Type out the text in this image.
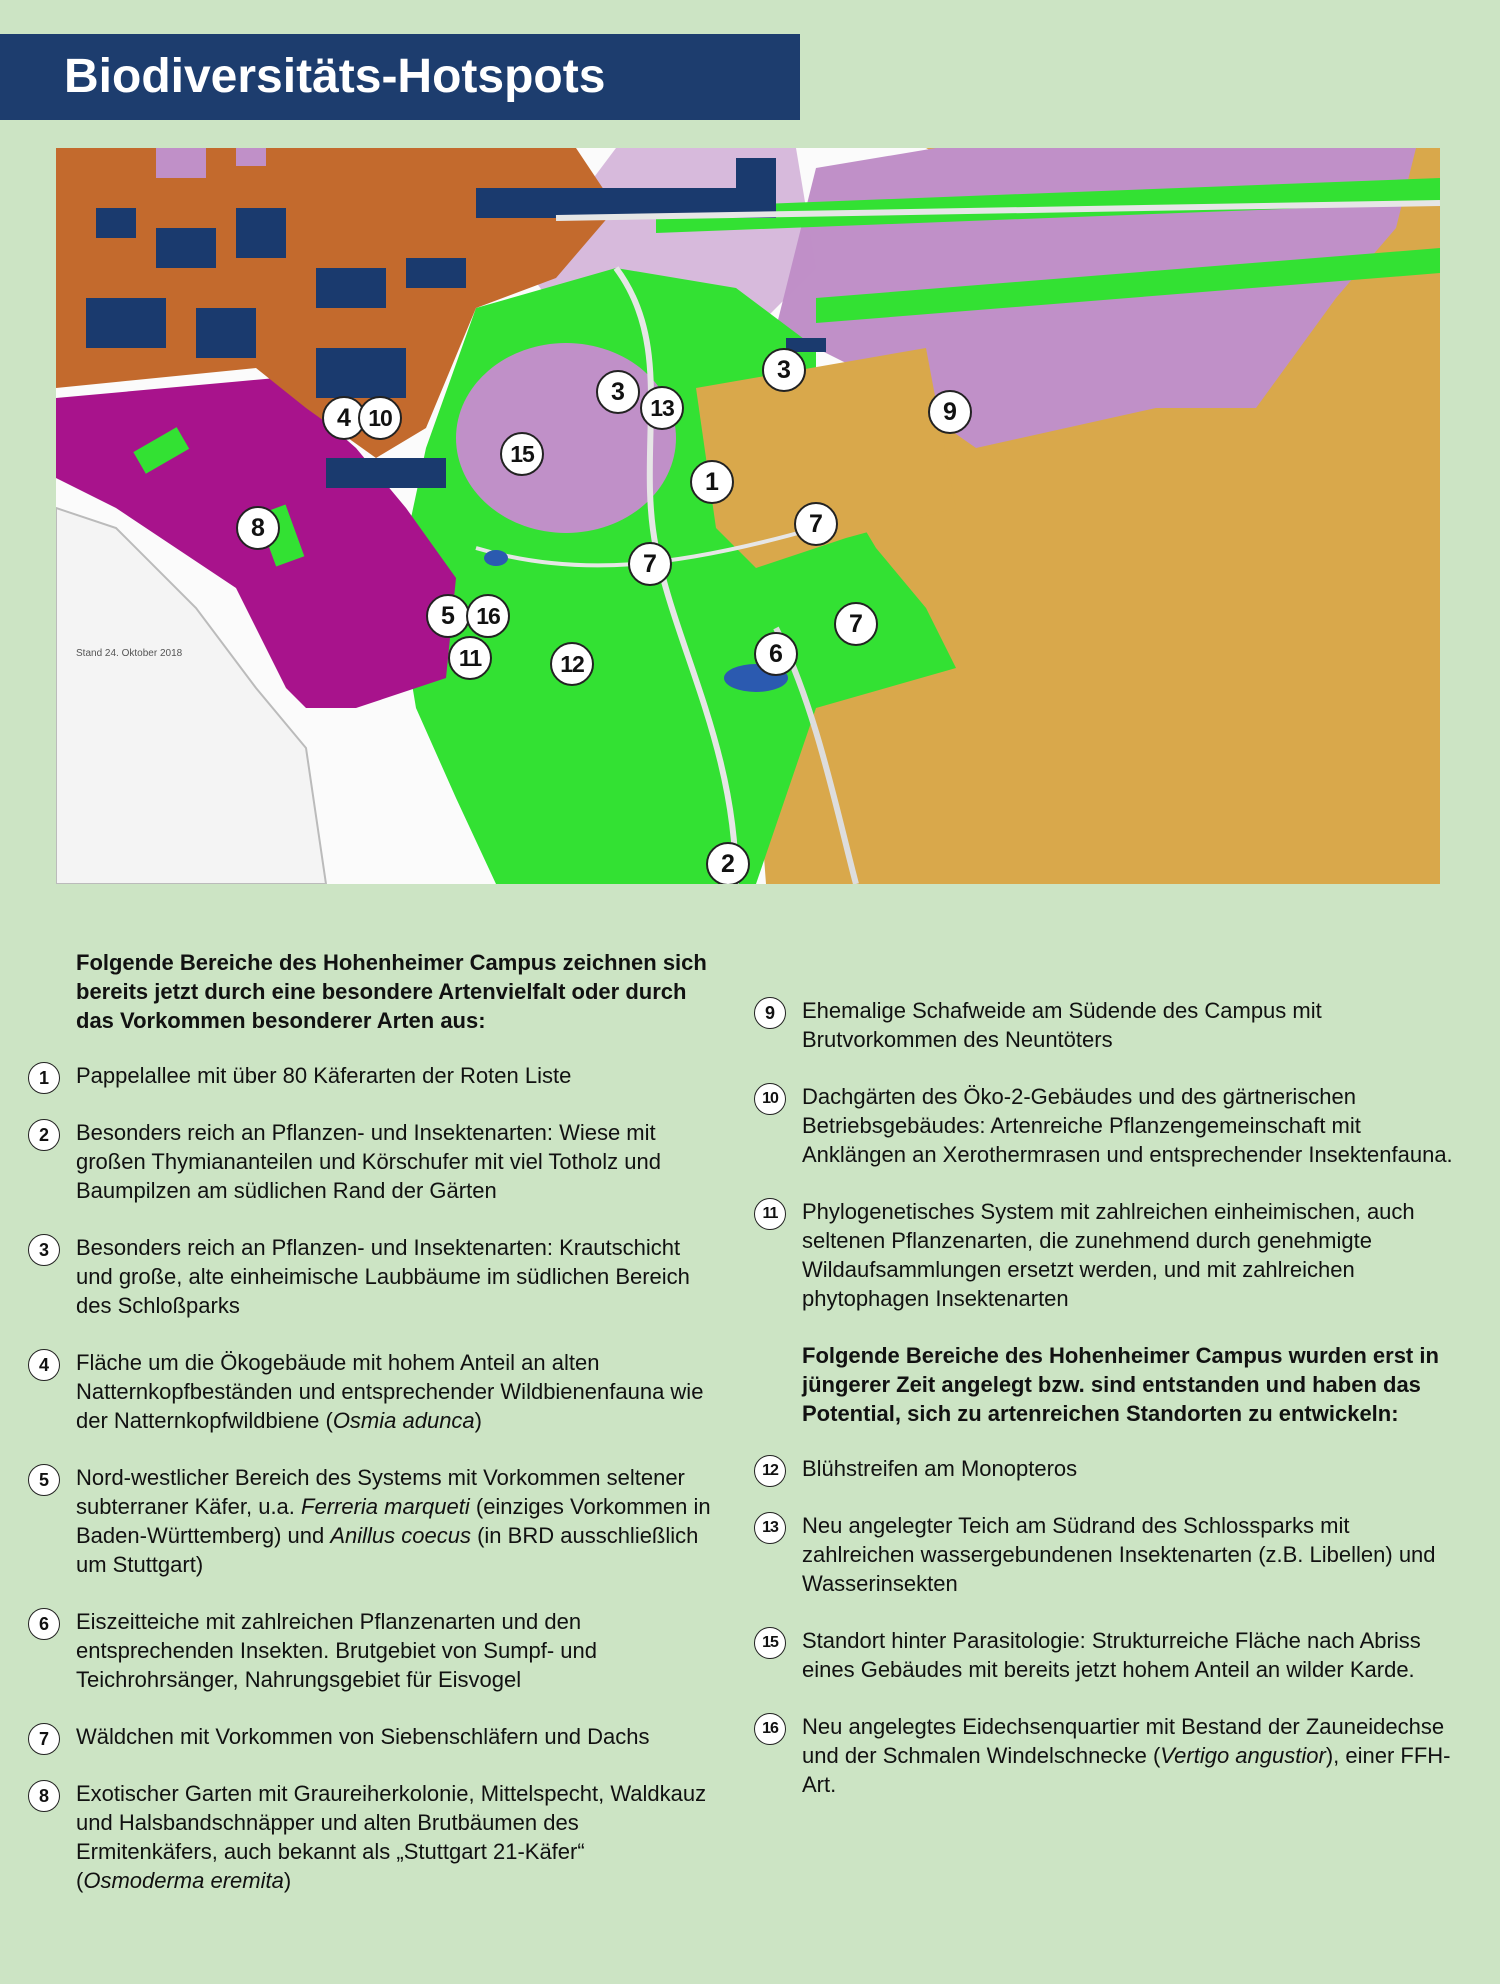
Biodiversitäts-Hotspots
Stand 24. Oktober 2018
2
3
3
13
1
9
4 10
15
8	7
7
7
5 16
11	12	6
Folgende Bereiche des Hohenheimer Campus zeichnen sich bereits jetzt durch eine besondere Artenvielfalt oder durch das Vorkommen besonderer Arten aus:
1	Pappelallee mit über 80 Käferarten der Roten Liste
2	Besonders reich an Pflanzen- und Insektenarten: Wiese mit großen Thymiananteilen und Körschufer mit viel Totholz und Baumpilzen am südlichen Rand der Gärten
3	Besonders reich an Pflanzen- und Insektenarten: Krautschicht und große, alte einheimische Laubbäume im südlichen Bereich des Schloßparks
4	Fläche um die Ökogebäude mit hohem Anteil an alten Natternkopfbeständen und entsprechender Wildbienenfauna wie der Natternkopfwildbiene (Osmia adunca)
5	Nord-westlicher Bereich des Systems mit Vorkommen seltener subterraner Käfer, u.a. Ferreria marqueti (einziges Vorkommen in Baden-Württemberg) und Anillus coecus (in BRD ausschließlich um Stuttgart)
6	Eiszeitteiche mit zahlreichen Pflanzenarten und den entsprechenden Insekten. Brutgebiet von Sumpf- und Teichrohrsänger, Nahrungsgebiet für Eisvogel
7	Wäldchen mit Vorkommen von Siebenschläfern und Dachs
8	Exotischer Garten mit Graureiherkolonie, Mittelspecht, Waldkauz und Halsbandschnäpper und alten Brutbäumen des Ermitenkäfers, auch bekannt als „Stuttgart 21-Käfer“ (Osmoderma eremita)
9	Ehemalige Schafweide am Südende des Campus mit Brutvorkommen des Neuntöters
10	Dachgärten des Öko-2-Gebäudes und des gärtnerischen Betriebsgebäudes: Artenreiche Pflanzengemeinschaft mit Anklängen an Xerothermrasen und entsprechender Insektenfauna.
11	Phylogenetisches System mit zahlreichen einheimischen, auch seltenen Pflanzenarten, die zunehmend durch genehmigte Wildaufsammlungen ersetzt werden, und mit zahlreichen phytophagen Insektenarten
Folgende Bereiche des Hohenheimer Campus wurden erst in jüngerer Zeit angelegt bzw. sind entstanden und haben das Potential, sich zu artenreichen Standorten zu entwickeln:
12	Blühstreifen am Monopteros
13	Neu angelegter Teich am Südrand des Schlossparks mit zahlreichen wassergebundenen Insektenarten (z.B. Libellen) und Wasserinsekten
15	Standort hinter Parasitologie: Strukturreiche Fläche nach Abriss eines Gebäudes mit bereits jetzt hohem Anteil an wilder Karde.
16	Neu angelegtes Eidechsenquartier mit Bestand der Zauneidechse und der Schmalen Windelschnecke (Vertigo angustior), einer FFH-Art.
